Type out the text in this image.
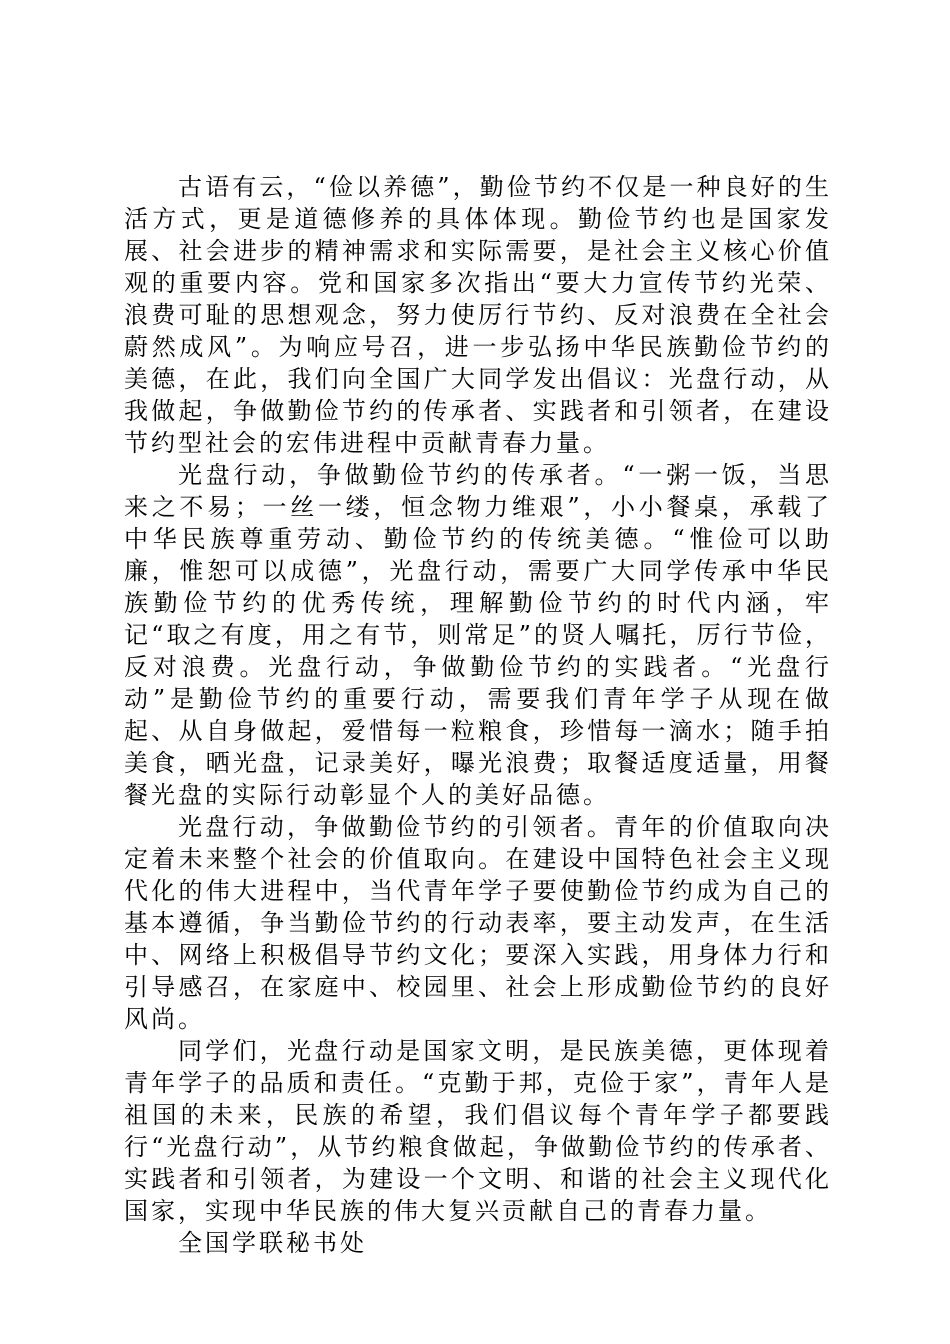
古语有云，“俭以养德”，勤俭节约不仅是一种良好的生活方式，更是道德修养的具体体现。勤俭节约也是国家发展、社会进步的精神需求和实际需要，是社会主义核心价值观的重要内容。党和国家多次指出“要大力宣传节约光荣、浪费可耻的思想观念，努力使厉行节约、反对浪费在全社会蔚然成风”。为响应号召，进一步弘扬中华民族勤俭节约的美德，在此，我们向全国广大同学发出倡议：光盘行动，从我做起，争做勤俭节约的传承者、实践者和引领者，在建设节约型社会的宏伟进程中贡献青春力量。

光盘行动，争做勤俭节约的传承者。“一粥一饭，当思来之不易；一丝一缕，恒念物力维艰”，小小餐桌，承载了中华民族尊重劳动、勤俭节约的传统美德。“惟俭可以助廉，惟恕可以成德”，光盘行动，需要广大同学传承中华民族勤俭节约的优秀传统，理解勤俭节约的时代内涵，牢记“取之有度，用之有节，则常足”的贤人嘱托，厉行节俭，反对浪费。光盘行动，争做勤俭节约的实践者。“光盘行动”是勤俭节约的重要行动，需要我们青年学子从现在做起、从自身做起，爱惜每一粒粮食，珍惜每一滴水；随手拍美食，晒光盘，记录美好，曝光浪费；取餐适度适量，用餐餐光盘的实际行动彰显个人的美好品德。

光盘行动，争做勤俭节约的引领者。青年的价值取向决定着未来整个社会的价值取向。在建设中国特色社会主义现代化的伟大进程中，当代青年学子要使勤俭节约成为自己的基本遵循，争当勤俭节约的行动表率，要主动发声，在生活中、网络上积极倡导节约文化；要深入实践，用身体力行和引导感召，在家庭中、校园里、社会上形成勤俭节约的良好风尚。

同学们，光盘行动是国家文明，是民族美德，更体现着青年学子的品质和责任。“克勤于邦，克俭于家”，青年人是祖国的未来，民族的希望，我们倡议每个青年学子都要践行“光盘行动”，从节约粮食做起，争做勤俭节约的传承者、实践者和引领者，为建设一个文明、和谐的社会主义现代化国家，实现中华民族的伟大复兴贡献自己的青春力量。

全国学联秘书处
